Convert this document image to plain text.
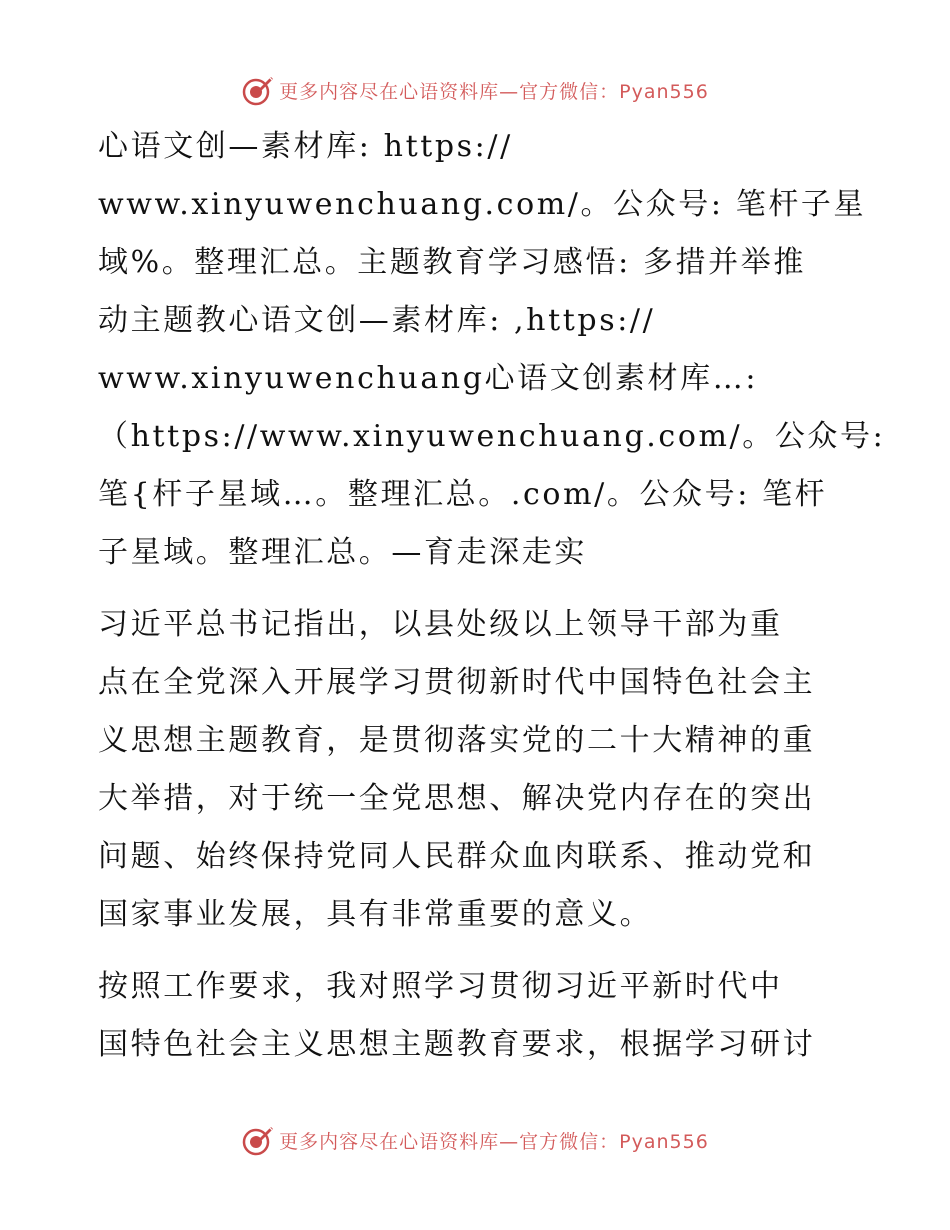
更多内容尽在心语资料库—官方微信：Pyan556
心语文创—素材库: https://
www.xinyuwenchuang.com/。公众号: 笔杆子星
域%。整理汇总。主题教育学习感悟: 多措并举推
动主题教心语文创—素材库: ,https://
www.xinyuwenchuang心语文创素材库…:
（https://www.xinyuwenchuang.com/。公众号:
笔{杆子星域…。整理汇总。.com/。公众号: 笔杆
子星域。整理汇总。—育走深走实
习近平总书记指出，以县处级以上领导干部为重
点在全党深入开展学习贯彻新时代中国特色社会主
义思想主题教育，是贯彻落实党的二十大精神的重
大举措，对于统一全党思想、解决党内存在的突出
问题、始终保持党同人民群众血肉联系、推动党和
国家事业发展，具有非常重要的意义。
按照工作要求，我对照学习贯彻习近平新时代中
国特色社会主义思想主题教育要求，根据学习研讨
更多内容尽在心语资料库—官方微信：Pyan556
